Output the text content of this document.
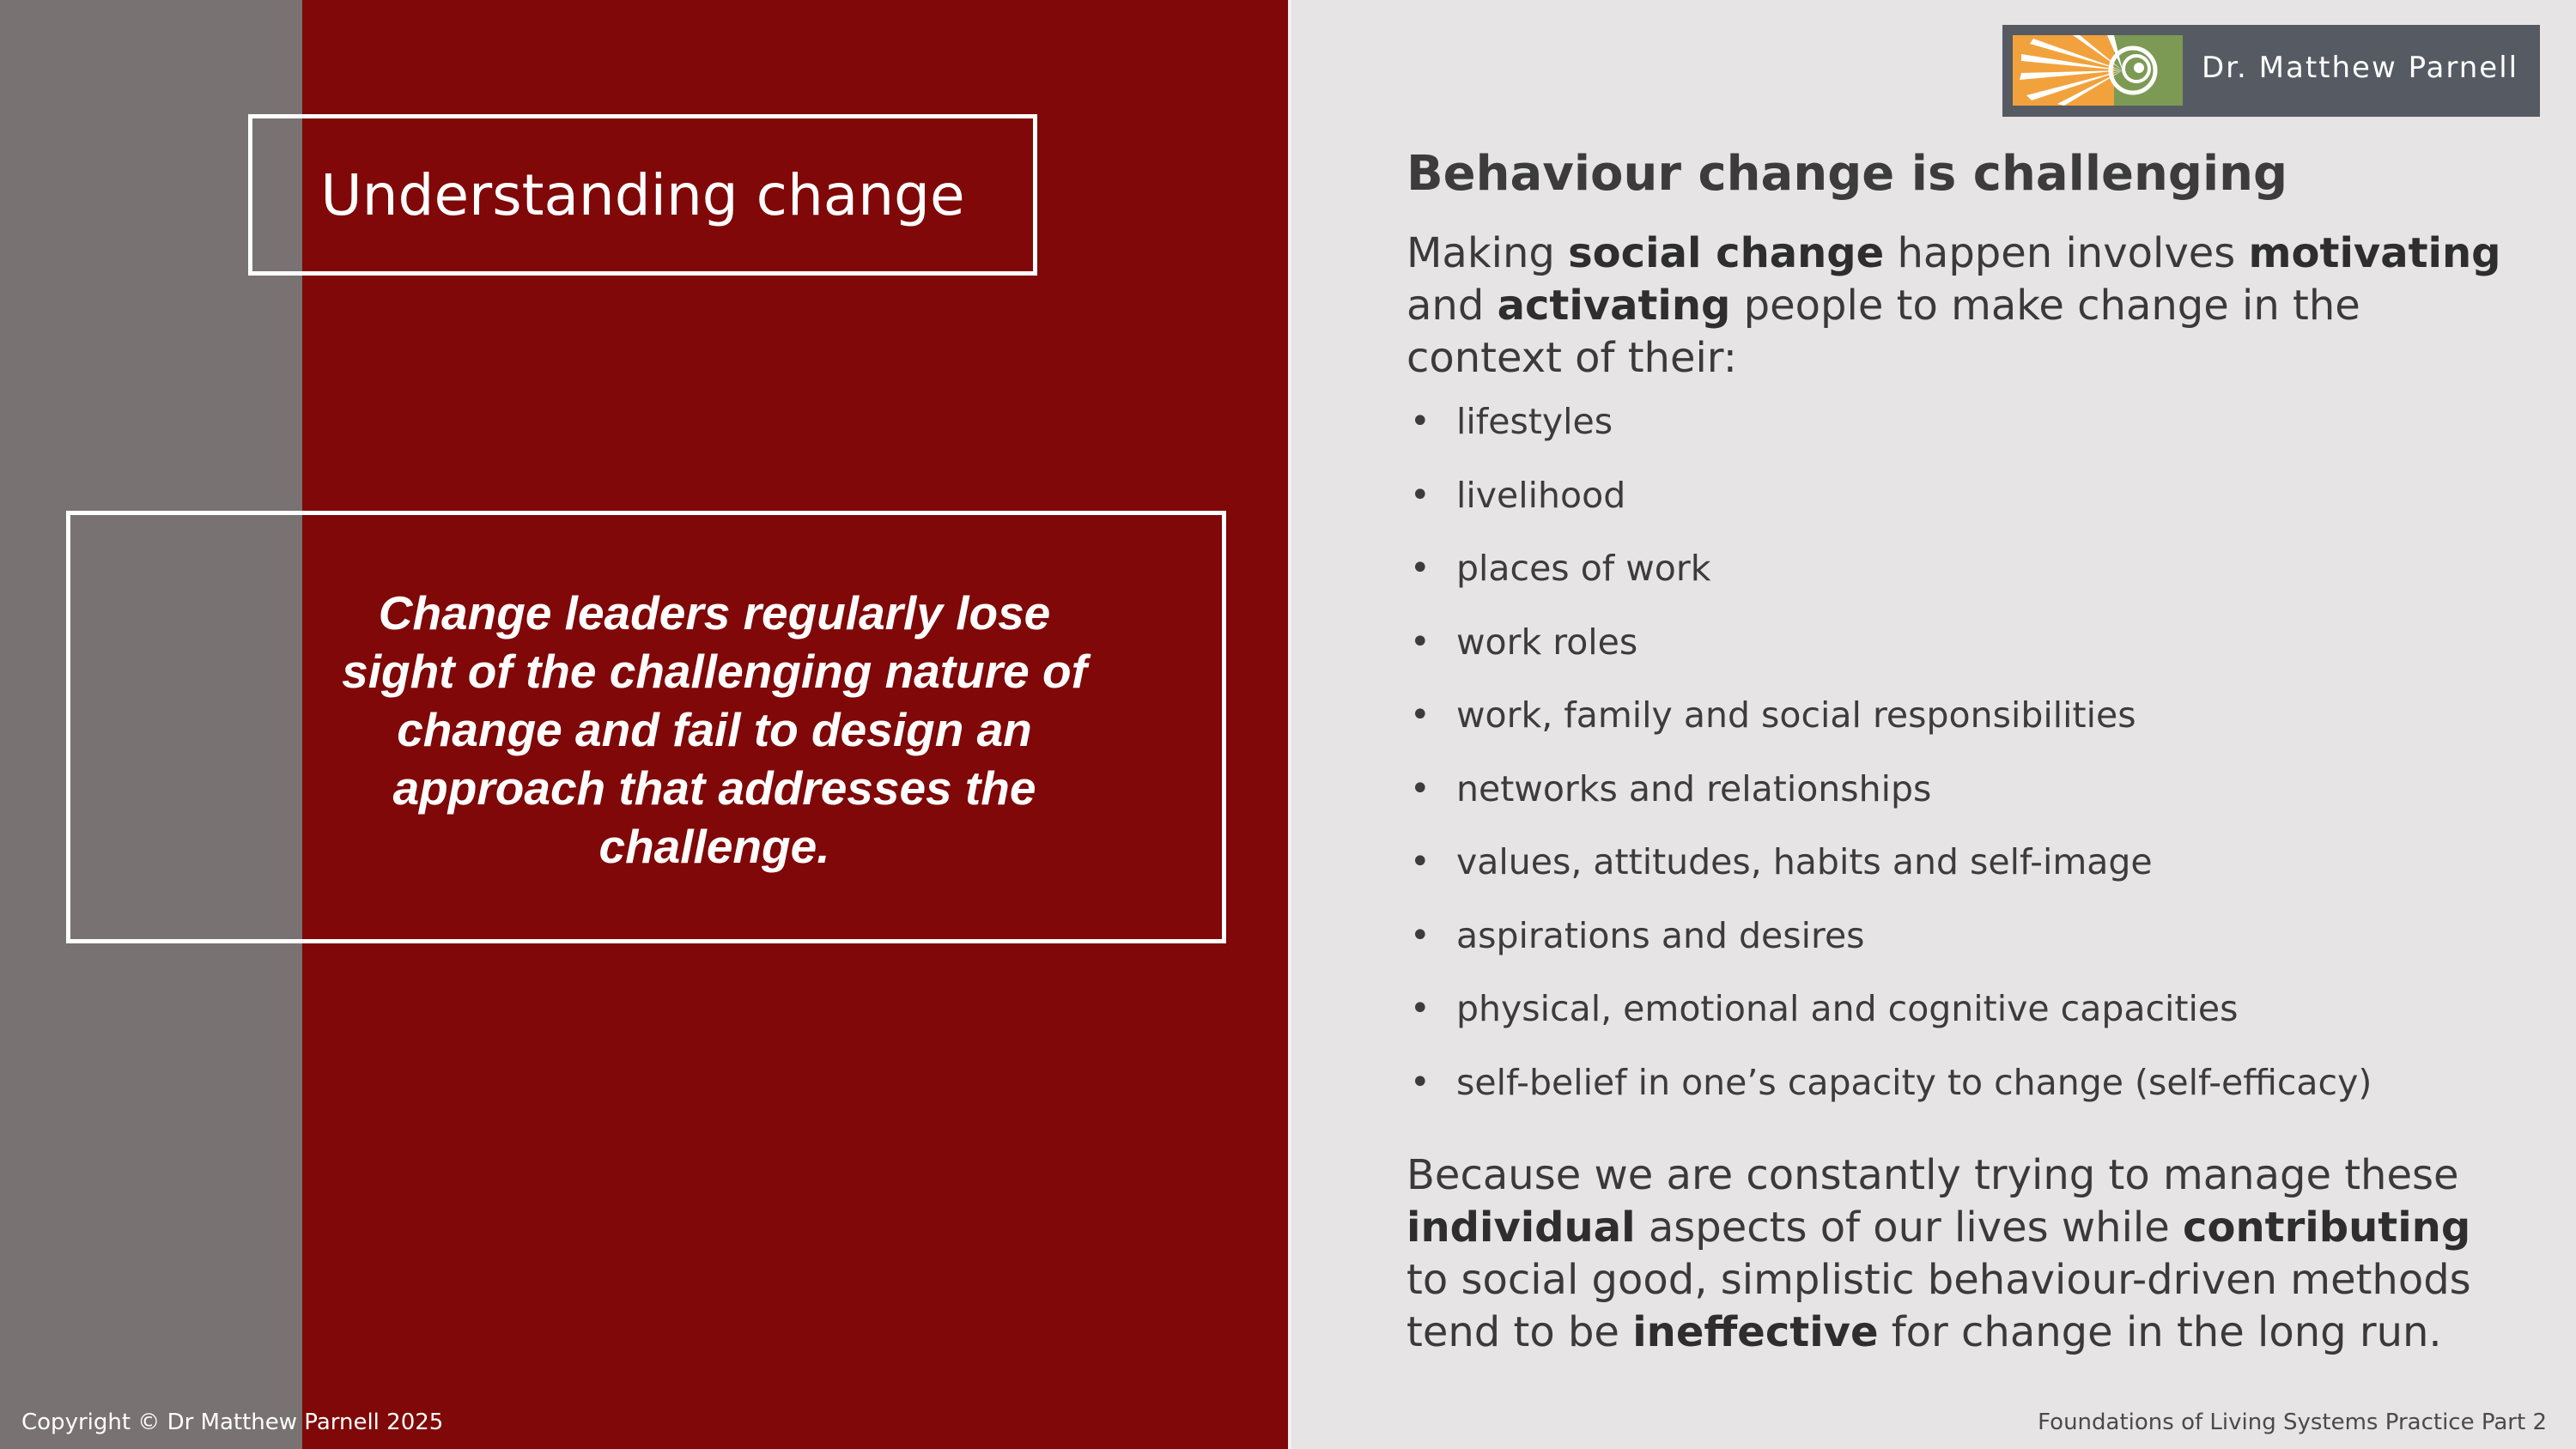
Understanding change
Change leaders regularly lose
sight of the challenging nature of
change and fail to design an
approach that addresses the
challenge.
Dr. Matthew Parnell
Behaviour change is challenging

Making social change happen involves motivating and activating people to make change in the context of their:

• lifestyles
• livelihood
• places of work
• work roles
• work, family and social responsibilities
• networks and relationships
• values, attitudes, habits and self-image
• aspirations and desires
• physical, emotional and cognitive capacities
• self-belief in one’s capacity to change (self-efficacy)

Because we are constantly trying to manage these individual aspects of our lives while contributing to social good, simplistic behaviour-driven methods tend to be ineffective for change in the long run.

Copyright © Dr Matthew Parnell 2025	Foundations of Living Systems Practice Part 2
